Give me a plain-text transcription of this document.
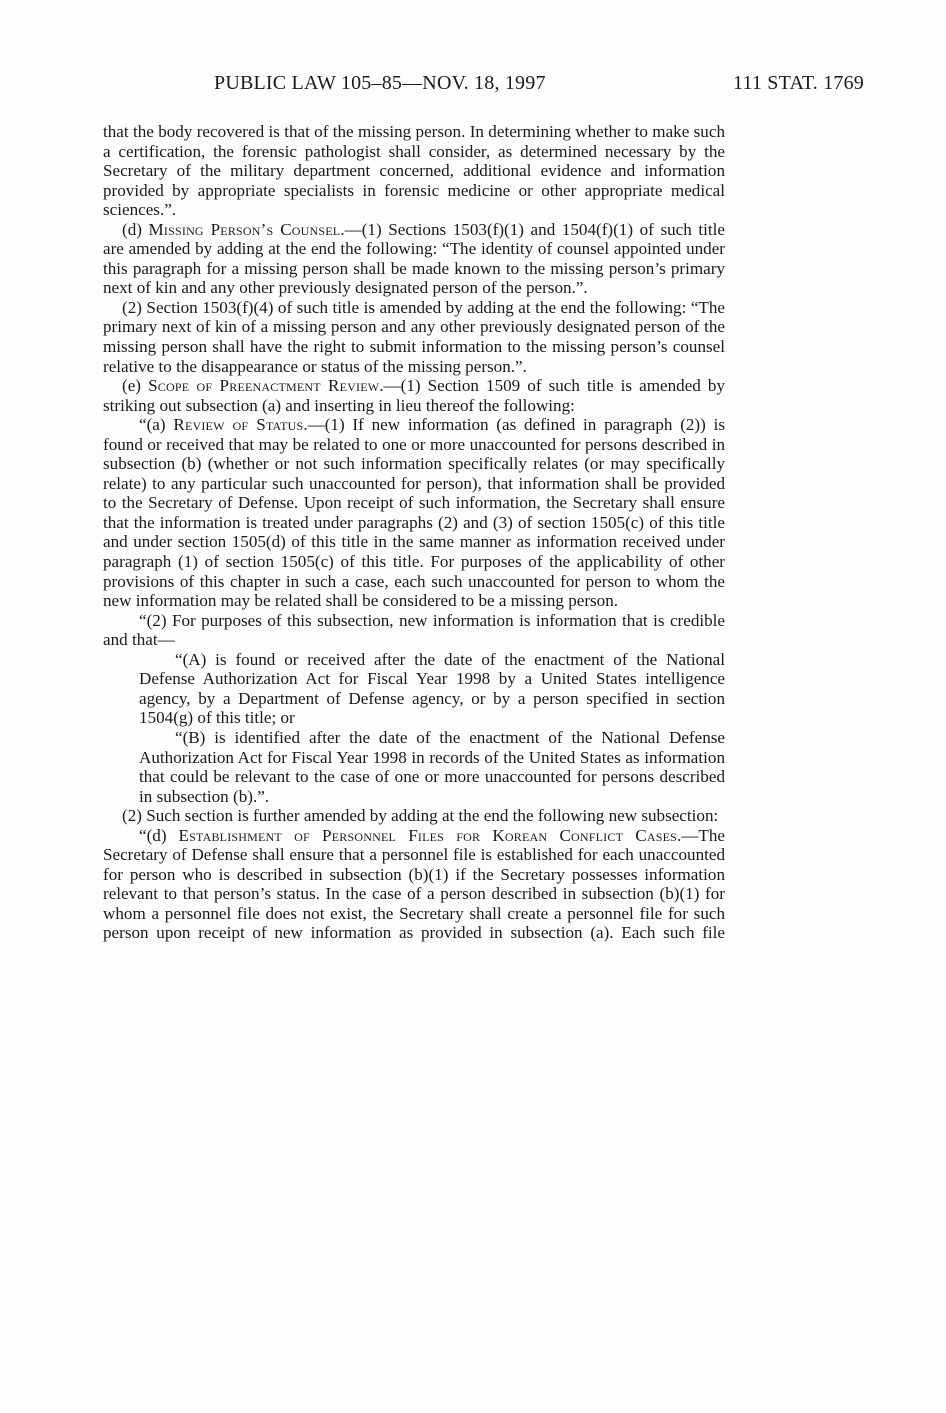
PUBLIC LAW 105–85—NOV. 18, 1997	111 STAT. 1769

that the body recovered is that of the missing person. In determining whether to make such a certification, the forensic pathologist shall consider, as determined necessary by the Secretary of the military department concerned, additional evidence and information provided by appropriate specialists in forensic medicine or other appropriate medical sciences.”.

(d) Missing Person’s Counsel.—(1) Sections 1503(f)(1) and 1504(f)(1) of such title are amended by adding at the end the following: “The identity of counsel appointed under this paragraph for a missing person shall be made known to the missing person’s primary next of kin and any other previously designated person of the person.”.

(2) Section 1503(f)(4) of such title is amended by adding at the end the following: “The primary next of kin of a missing person and any other previously designated person of the missing person shall have the right to submit information to the missing person’s counsel relative to the disappearance or status of the missing person.”.

(e) Scope of Preenactment Review.—(1) Section 1509 of such title is amended by striking out subsection (a) and inserting in lieu thereof the following:

“(a) Review of Status.—(1) If new information (as defined in paragraph (2)) is found or received that may be related to one or more unaccounted for persons described in subsection (b) (whether or not such information specifically relates (or may specifically relate) to any particular such unaccounted for person), that information shall be provided to the Secretary of Defense. Upon receipt of such information, the Secretary shall ensure that the information is treated under paragraphs (2) and (3) of section 1505(c) of this title and under section 1505(d) of this title in the same manner as information received under paragraph (1) of section 1505(c) of this title. For purposes of the applicability of other provisions of this chapter in such a case, each such unaccounted for person to whom the new information may be related shall be considered to be a missing person.

“(2) For purposes of this subsection, new information is information that is credible and that—

“(A) is found or received after the date of the enactment of the National Defense Authorization Act for Fiscal Year 1998 by a United States intelligence agency, by a Department of Defense agency, or by a person specified in section 1504(g) of this title; or

“(B) is identified after the date of the enactment of the National Defense Authorization Act for Fiscal Year 1998 in records of the United States as information that could be relevant to the case of one or more unaccounted for persons described in subsection (b).”.

(2) Such section is further amended by adding at the end the following new subsection:

“(d) Establishment of Personnel Files for Korean Conflict Cases.—The Secretary of Defense shall ensure that a personnel file is established for each unaccounted for person who is described in subsection (b)(1) if the Secretary possesses information relevant to that person’s status. In the case of a person described in subsection (b)(1) for whom a personnel file does not exist, the Secretary shall create a personnel file for such person upon receipt of new information as provided in subsection (a). Each such file
